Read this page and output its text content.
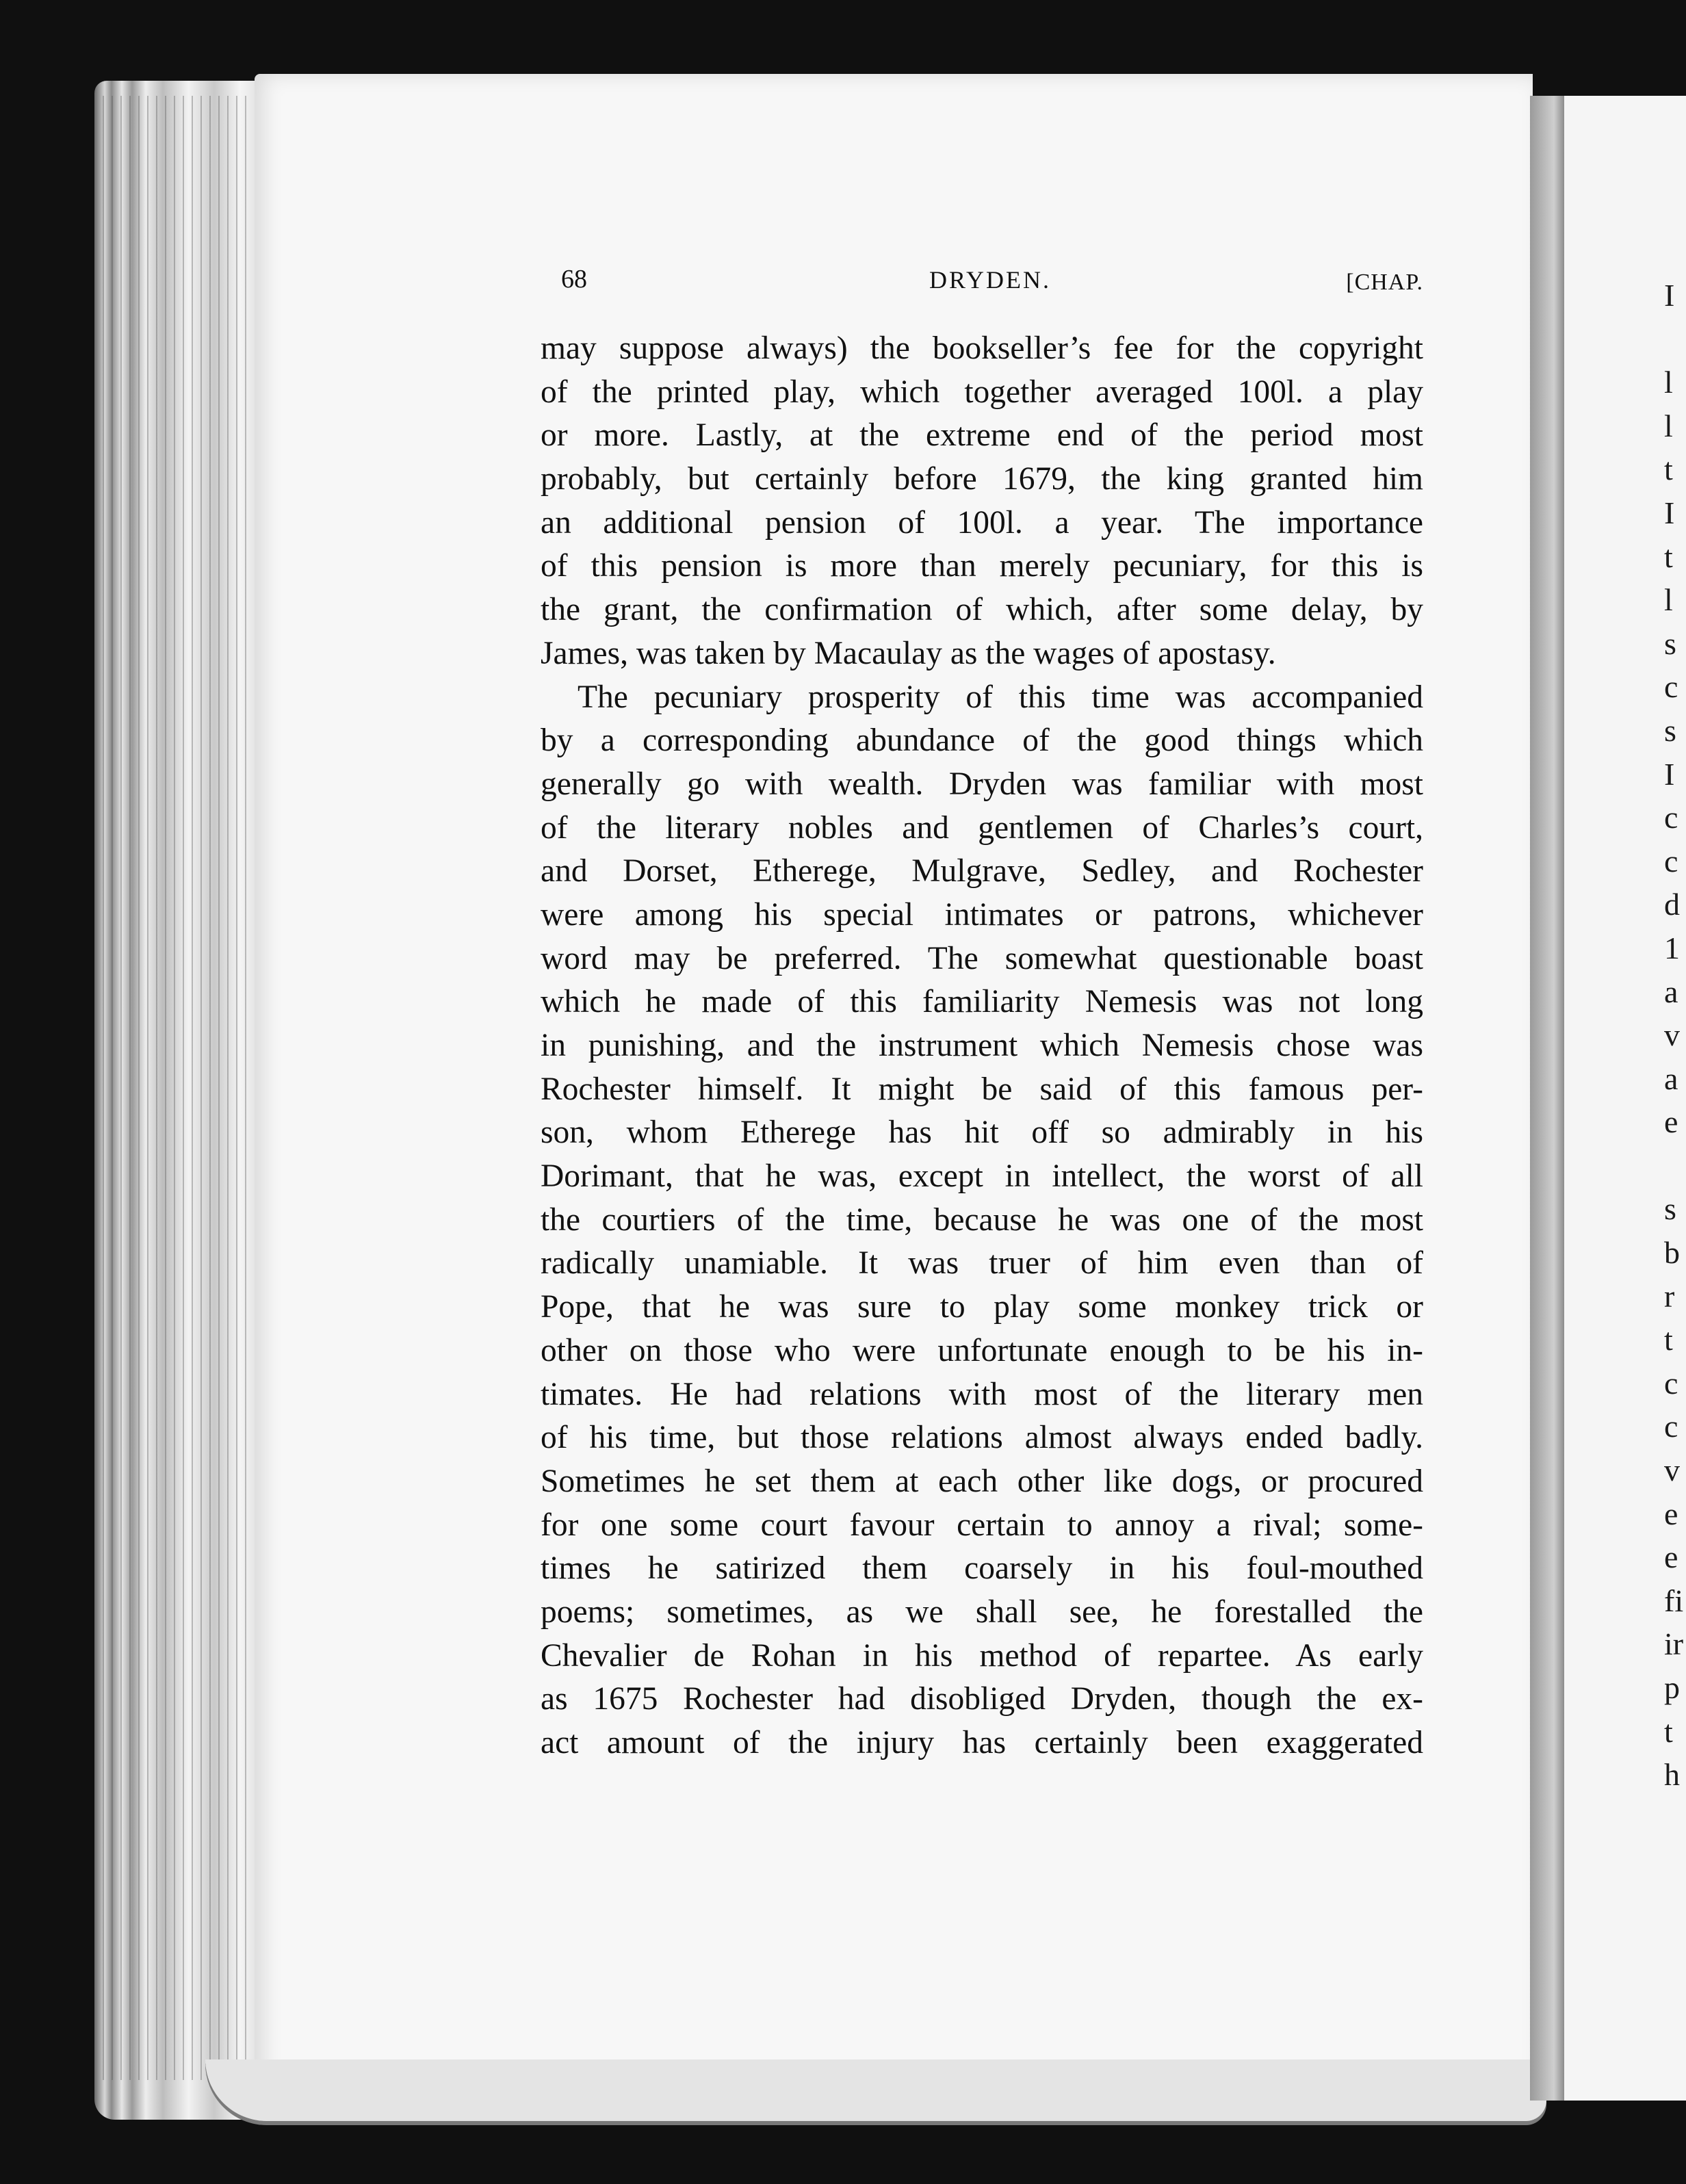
I

l
l
t
I
t
l
s
c
s
I
c
c
d
1
a
v
a
e

s
b
r
t
c
c
v
e
e
fi
ir
p
t
h
68	DRYDEN.	[CHAP.
may suppose always) the bookseller’s fee for the copyright
of the printed play, which together averaged 100l. a play
or more. Lastly, at the extreme end of the period most
probably, but certainly before 1679, the king granted him
an additional pension of 100l. a year. The importance
of this pension is more than merely pecuniary, for this is
the grant, the confirmation of which, after some delay, by
James, was taken by Macaulay as the wages of apostasy.
The pecuniary prosperity of this time was accompanied
by a corresponding abundance of the good things which
generally go with wealth. Dryden was familiar with most
of the literary nobles and gentlemen of Charles’s court,
and Dorset, Etherege, Mulgrave, Sedley, and Rochester
were among his special intimates or patrons, whichever
word may be preferred. The somewhat questionable boast
which he made of this familiarity Nemesis was not long
in punishing, and the instrument which Nemesis chose was
Rochester himself. It might be said of this famous per-
son, whom Etherege has hit off so admirably in his
Dorimant, that he was, except in intellect, the worst of all
the courtiers of the time, because he was one of the most
radically unamiable. It was truer of him even than of
Pope, that he was sure to play some monkey trick or
other on those who were unfortunate enough to be his in-
timates. He had relations with most of the literary men
of his time, but those relations almost always ended badly.
Sometimes he set them at each other like dogs, or procured
for one some court favour certain to annoy a rival; some-
times he satirized them coarsely in his foul-mouthed
poems; sometimes, as we shall see, he forestalled the
Chevalier de Rohan in his method of repartee. As early
as 1675 Rochester had disobliged Dryden, though the ex-
act amount of the injury has certainly been exaggerated
